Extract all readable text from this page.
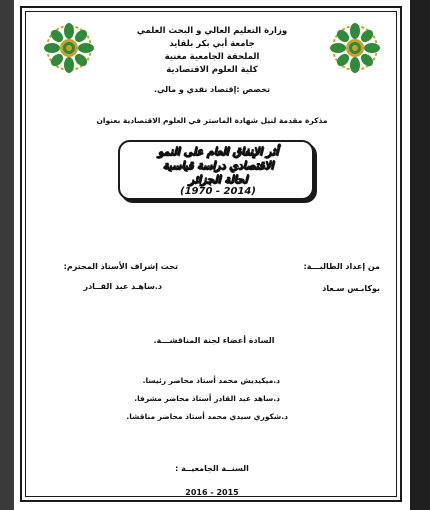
وزارة التعليم العالي و البحث العلمي
جامعة أبي بكر بلقايد
الملحقة الجامعية مغنية
كلية العلوم الاقتصادية
تخصص :إقتصاد نقدي و مالي.
مذكرة مقدمة لنيل شهادة الماستر في العلوم الاقتصادية بعنوان
أثر الإنفاق العام على النمو
الاقتصادي دراسة قياسية
لحالة الجزائر
(1970 - 2014)
من إعداد الطالبـــة:
تحت إشراف الأستاذ المحترم:
بوكابـس سـعاد
د.ساهـد عبد القــادر
السادة أعضاء لجنة المناقشـــة.
د.ميكيديش محمد أستاذ محاضر رئيسا.
د.ساهد عبد القادر أستاذ محاضر مشرفا.
د.شكوري سيدي محمد أستاذ محاضر مناقشا.
السنــة الجامعيــة :
2016 - 2015
